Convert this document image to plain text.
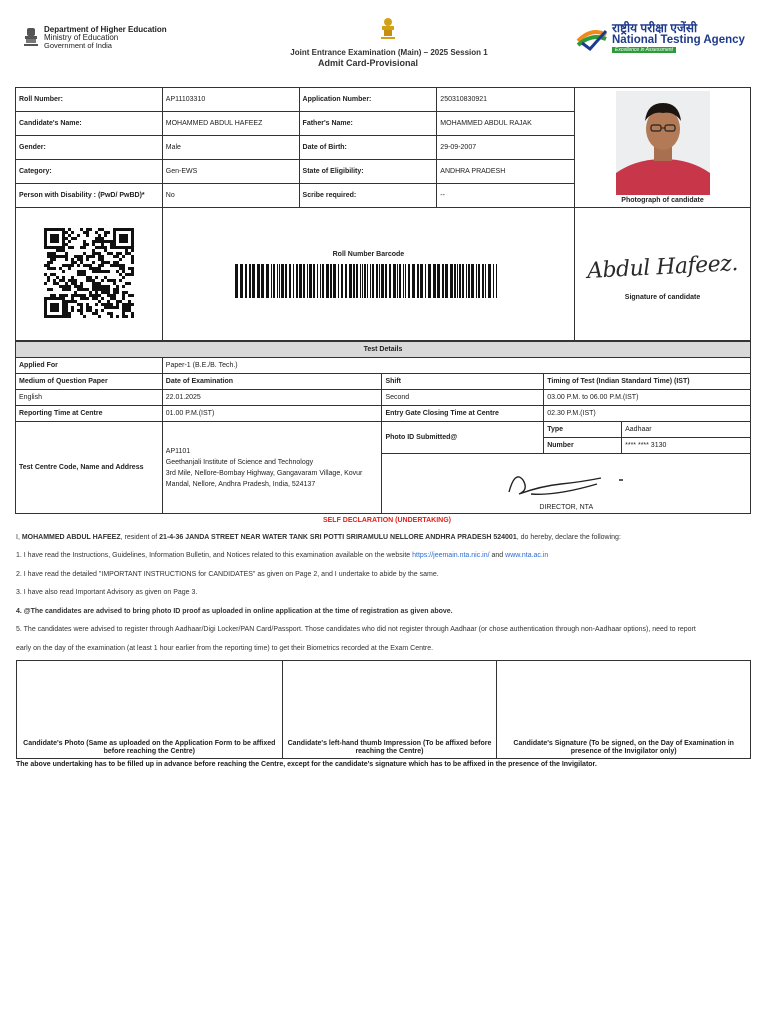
Department of Higher Education
Ministry of Education
Government of India
Joint Entrance Examination (Main) – 2025 Session 1
Admit Card-Provisional
राष्ट्रीय परीक्षा एजेंसी
National Testing Agency
Excellence in Assessment
Roll Number:	AP11103310	Application Number:	250310830921	Photograph of candidate

Candidate's Name:	MOHAMMED ABDUL HAFEEZ	Father's Name:	MOHAMMED ABDUL RAJAK	
Gender:	Male	Date of Birth:	29-09-2007	
Category:	Gen-EWS	State of Eligibility:	ANDHRA PRADESH	
Person with Disability : (PwD/ PwBD)*	No	Scribe required:	--	

Roll Number Barcode			Abdul Hafeez.
Signature of candidate
Test Details				
Applied For	Paper-1 (B.E./B. Tech.)			
Medium of Question Paper	Date of Examination	Shift	Timing of Test (Indian Standard Time) (IST)	
English	22.01.2025	Second	03.00 P.M. to 06.00 P.M.(IST)	
Reporting Time at Centre	01.00 P.M.(IST)	Entry Gate Closing Time at Centre	02.30 P.M.(IST)	
Test Centre Code, Name and Address	AP1101
Geethanjali Institute of Science and Technology
3rd Mile, Nellore-Bombay Highway, Gangavaram Village, Kovur
Mandal, Nellore, Andhra Pradesh, India, 524137	Photo ID Submitted@	Type	Aadhaar
			Number	**** **** 3130

		DIRECTOR, NTA		
SELF DECLARATION (UNDERTAKING)
I, MOHAMMED ABDUL HAFEEZ, resident of 21-4-36 JANDA STREET NEAR WATER TANK SRI POTTI SRIRAMULU NELLORE ANDHRA PRADESH 524001, do hereby, declare the following:
1. I have read the Instructions, Guidelines, Information Bulletin, and Notices related to this examination available on the website https://jeemain.nta.nic.in/ and www.nta.ac.in
2. I have read the detailed "IMPORTANT INSTRUCTIONS for CANDIDATES" as given on Page 2, and I undertake to abide by the same.
3. I have also read Important Advisory as given on Page 3.
4. @The candidates are advised to bring photo ID proof as uploaded in online application at the time of registration as given above.
5. The candidates were advised to register through Aadhaar/Digi Locker/PAN Card/Passport. Those candidates who did not register through Aadhaar (or chose authentication through non-Aadhaar options), need to report
early on the day of the examination (at least 1 hour earlier from the reporting time) to get their Biometrics recorded at the Exam Centre.
Candidate's Photo (Same as uploaded on the Application Form to be affixed before reaching the Centre)	Candidate's left-hand thumb Impression (To be affixed before reaching the Centre)	Candidate's Signature (To be signed, on the Day of Examination in presence of the Invigilator only)
The above undertaking has to be filled up in advance before reaching the Centre, except for the candidate's signature which has to be affixed in the presence of the Invigilator.
